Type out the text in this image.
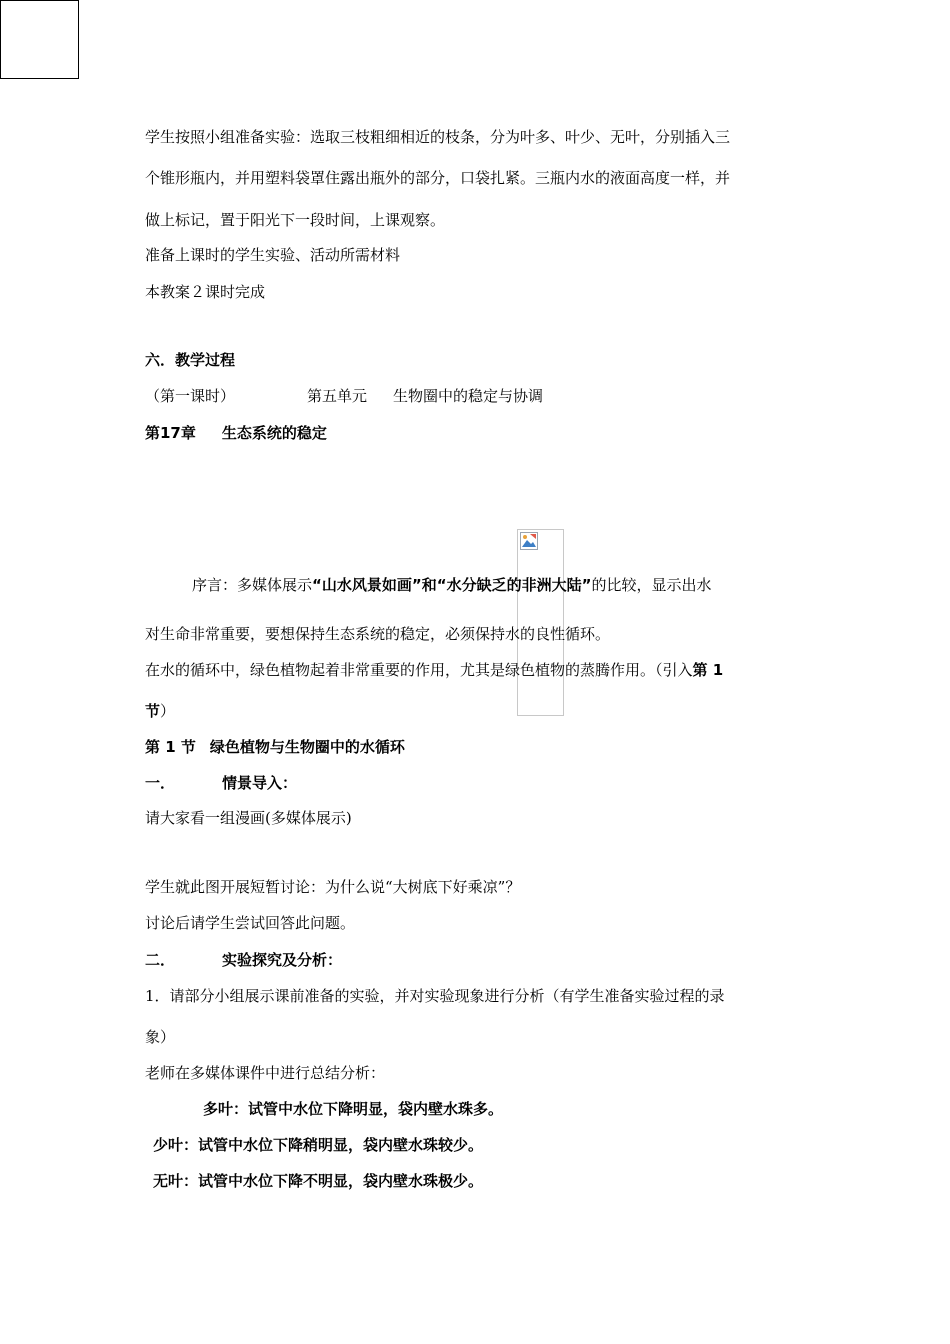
学生按照小组准备实验：选取三枝粗细相近的枝条，分为叶多、叶少、无叶，分别插入三
个锥形瓶内，并用塑料袋罩住露出瓶外的部分，口袋扎紧。三瓶内水的液面高度一样，并
做上标记，置于阳光下一段时间，上课观察。
准备上课时的学生实验、活动所需材料
本教案２课时完成
六．教学过程
（第一课时）	第五单元 生物圈中的稳定与协调
第17章 生态系统的稳定
序言：多媒体展示“山水风景如画”和“水分缺乏的非洲大陆”的比较，显示出水
对生命非常重要，要想保持生态系统的稳定，必须保持水的良性循环。
在水的循环中，绿色植物起着非常重要的作用，尤其是绿色植物的蒸腾作用。（引入第 1
节）
第 1 节 绿色植物与生物圈中的水循环
一．	情景导入：
请大家看一组漫画(多媒体展示)
学生就此图开展短暂讨论：为什么说“大树底下好乘凉”？
讨论后请学生尝试回答此问题。
二．	实验探究及分析：
1．请部分小组展示课前准备的实验，并对实验现象进行分析（有学生准备实验过程的录
象）
老师在多媒体课件中进行总结分析：
多叶：试管中水位下降明显，袋内壁水珠多。
少叶：试管中水位下降稍明显，袋内壁水珠较少。
无叶：试管中水位下降不明显，袋内壁水珠极少。
